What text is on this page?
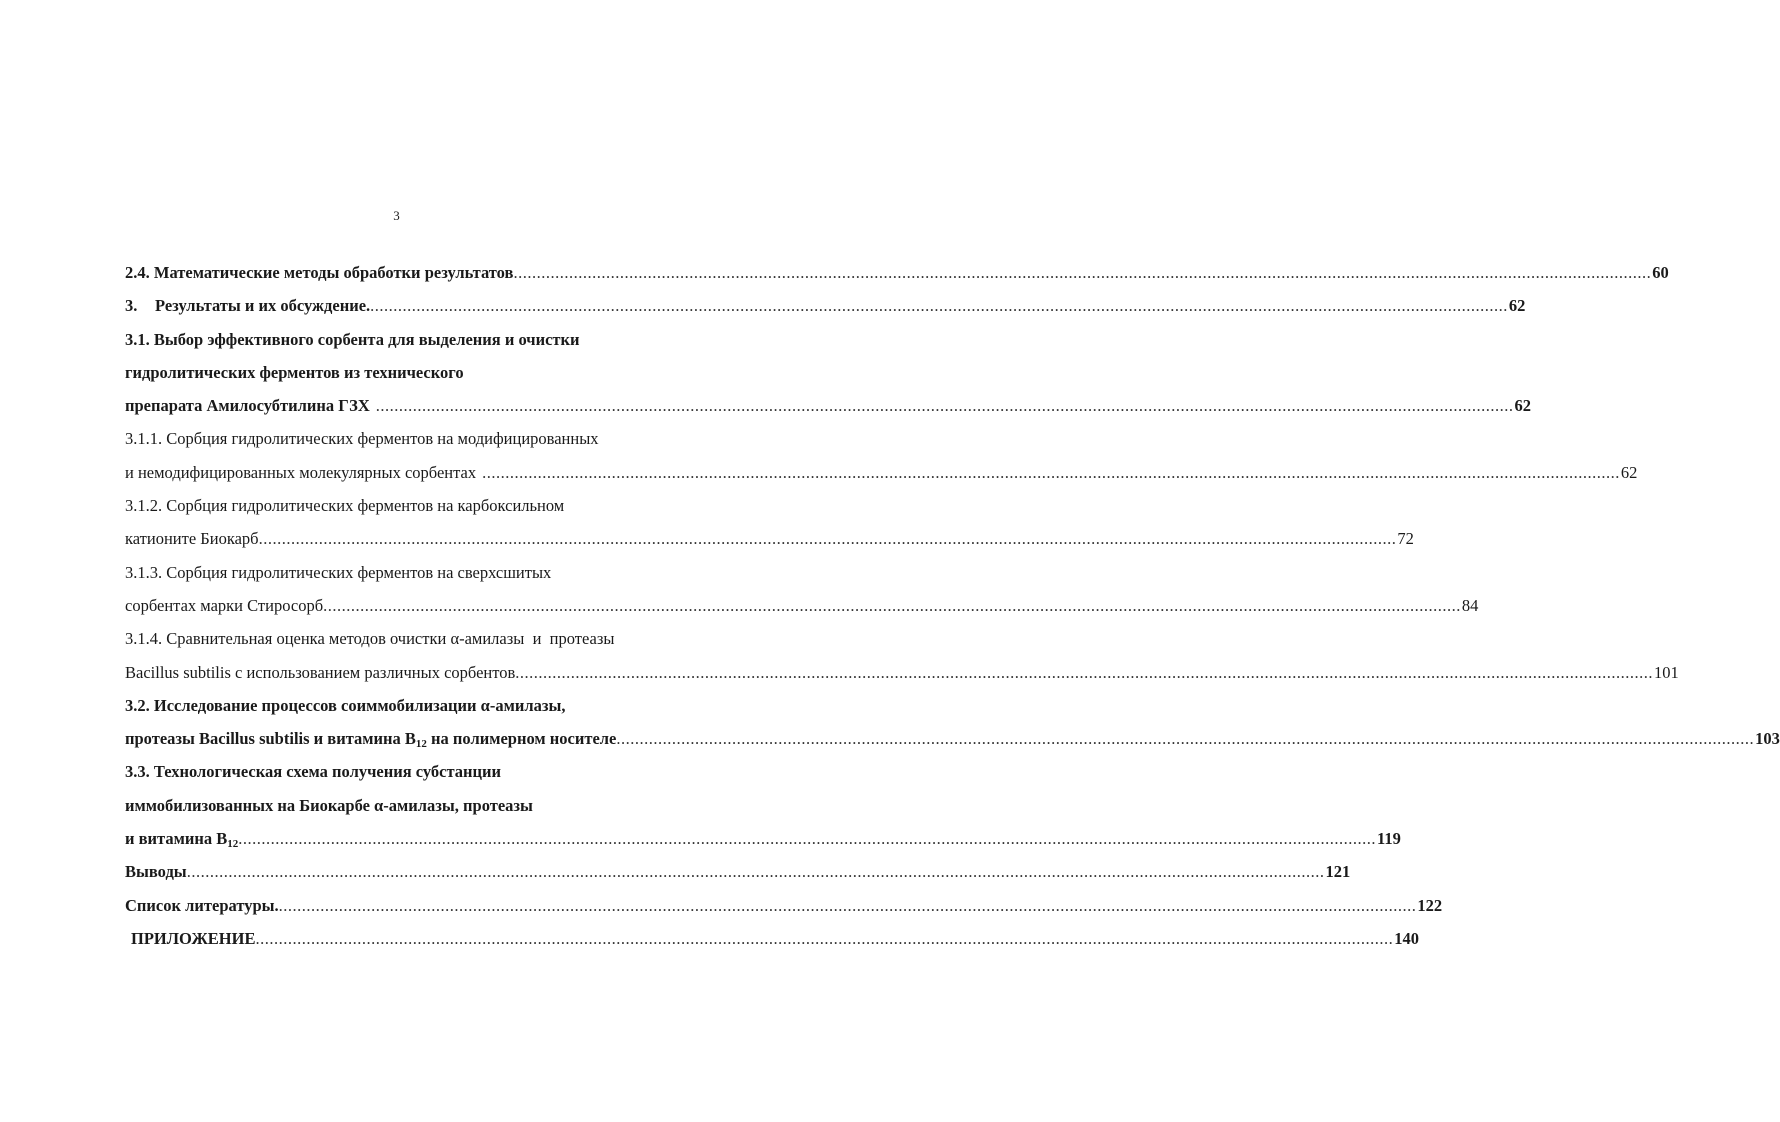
3
2.4. Математические методы обработки результатов ...................................................................................................................................................................................................................................................... 60
3. Результаты и их обсуждение. ...................................................................................................................................................................................................................................................... 62
3.1. Выбор эффективного сорбента для выделения и очистки
гидролитических ферментов из технического
препарата Амилосубтилина ГЗХ ...................................................................................................................................................................................................................................................... 62
3.1.1. Сорбция гидролитических ферментов на модифицированных
и немодифицированных молекулярных сорбентах ...................................................................................................................................................................................................................................................... 62
3.1.2. Сорбция гидролитических ферментов на карбоксильном
катионите Биокарб ...................................................................................................................................................................................................................................................... 72
3.1.3. Сорбция гидролитических ферментов на сверхсшитых
сорбентах марки Стиросорб ...................................................................................................................................................................................................................................................... 84
3.1.4. Сравнительная оценка методов очистки α-амилазы  и  протеазы
Bacillus subtilis с использованием различных сорбентов ...................................................................................................................................................................................................................................................... 101
3.2. Исследование процессов соиммобилизации α-амилазы,
протеазы Bacillus subtilis и витамина $B_{12}$ на полимерном носителе ...................................................................................................................................................................................................................................................... 103
3.3. Технологическая схема получения субстанции
иммобилизованных на Биокарбе α-амилазы, протеазы
и витамина $B_{12}$ ...................................................................................................................................................................................................................................................... 119
Выводы ...................................................................................................................................................................................................................................................... 121
Список литературы. ...................................................................................................................................................................................................................................................... 122
ПРИЛОЖЕНИЕ ...................................................................................................................................................................................................................................................... 140
